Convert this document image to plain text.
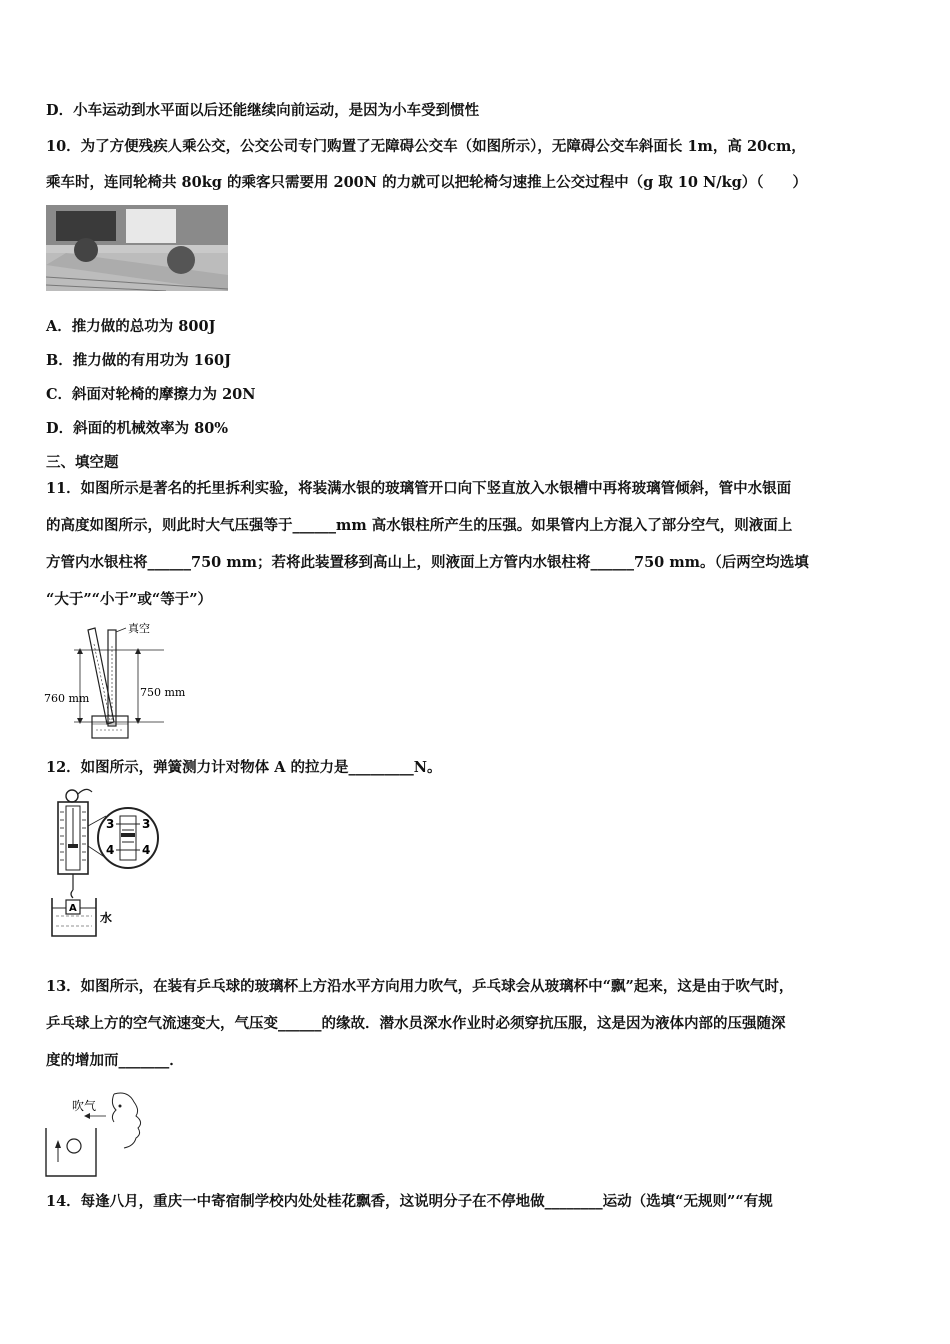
D．小车运动到水平面以后还能继续向前运动，是因为小车受到惯性
10．为了方便残疾人乘公交，公交公司专门购置了无障碍公交车（如图所示），无障碍公交车斜面长 1m，高 20cm，
乘车时，连同轮椅共 80kg 的乘客只需要用 200N 的力就可以把轮椅匀速推上公交过程中（g 取 10 N/kg）（　　）
A．推力做的总功为 800J
B．推力做的有用功为 160J
C．斜面对轮椅的摩擦力为 20N
D．斜面的机械效率为 80%
三、填空题
11．如图所示是著名的托里拆利实验，将装满水银的玻璃管开口向下竖直放入水银槽中再将玻璃管倾斜，管中水银面
的高度如图所示，则此时大气压强等于______mm 高水银柱所产生的压强。如果管内上方混入了部分空气，则液面上
方管内水银柱将______750 mm；若将此装置移到高山上，则液面上方管内水银柱将______750 mm。（后两空均选填
“大于”“小于”或“等于”）
真空
760 mm	750 mm
12．如图所示，弹簧测力计对物体 A 的拉力是_________N。
3 3
4 4
A
水
13．如图所示，在装有乒乓球的玻璃杯上方沿水平方向用力吹气，乒乓球会从玻璃杯中“飘”起来，这是由于吹气时，
乒乓球上方的空气流速变大，气压变______的缘故．潜水员深水作业时必须穿抗压服，这是因为液体内部的压强随深
度的增加而_______．
吹气
14．每逢八月，重庆一中寄宿制学校内处处桂花飘香，这说明分子在不停地做________运动（选填“无规则”“有规
